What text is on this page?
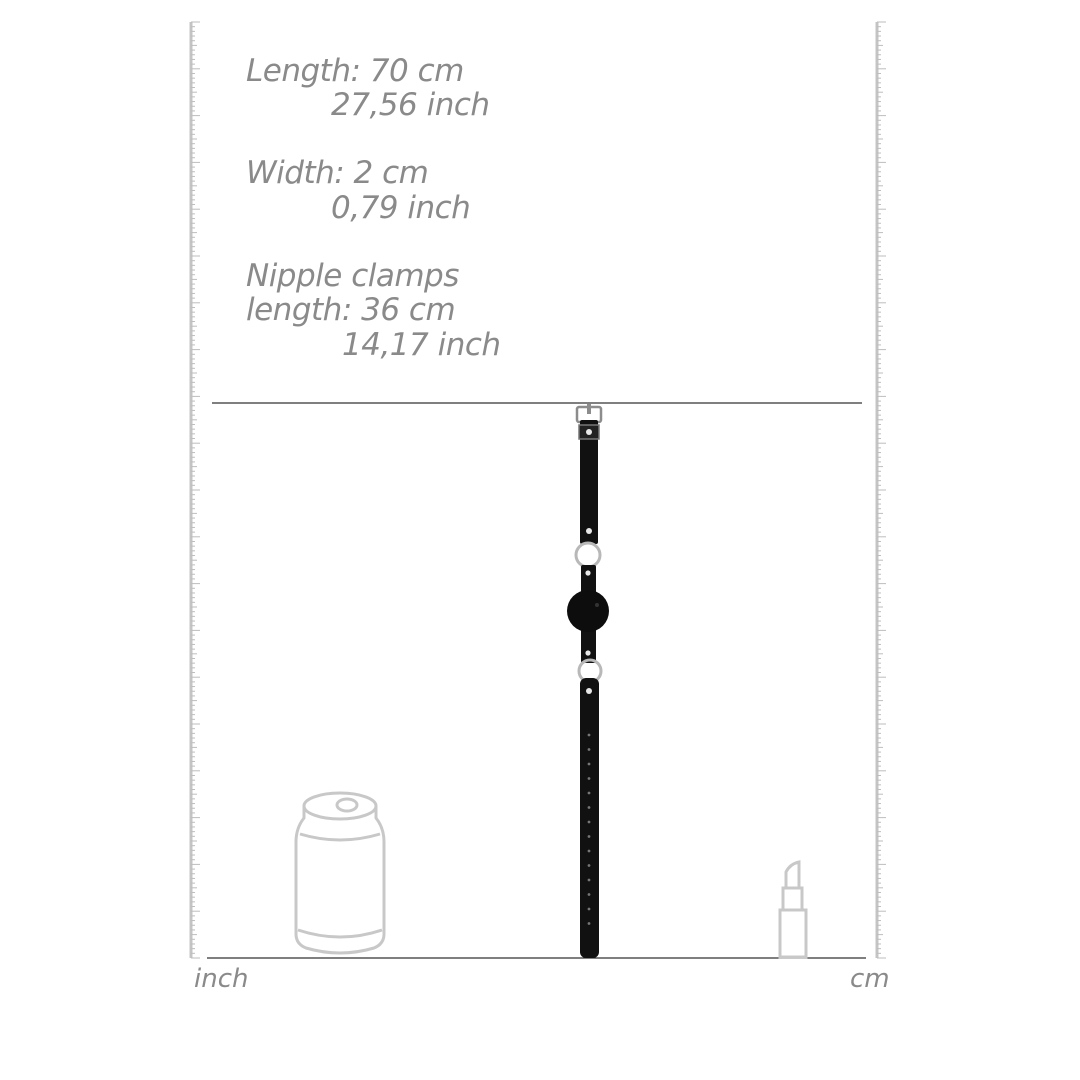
Length: 70 cm
27,56 inch
Width: 2 cm
0,79 inch
Nipple clamps
length: 36 cm
14,17 inch
inch	cm
